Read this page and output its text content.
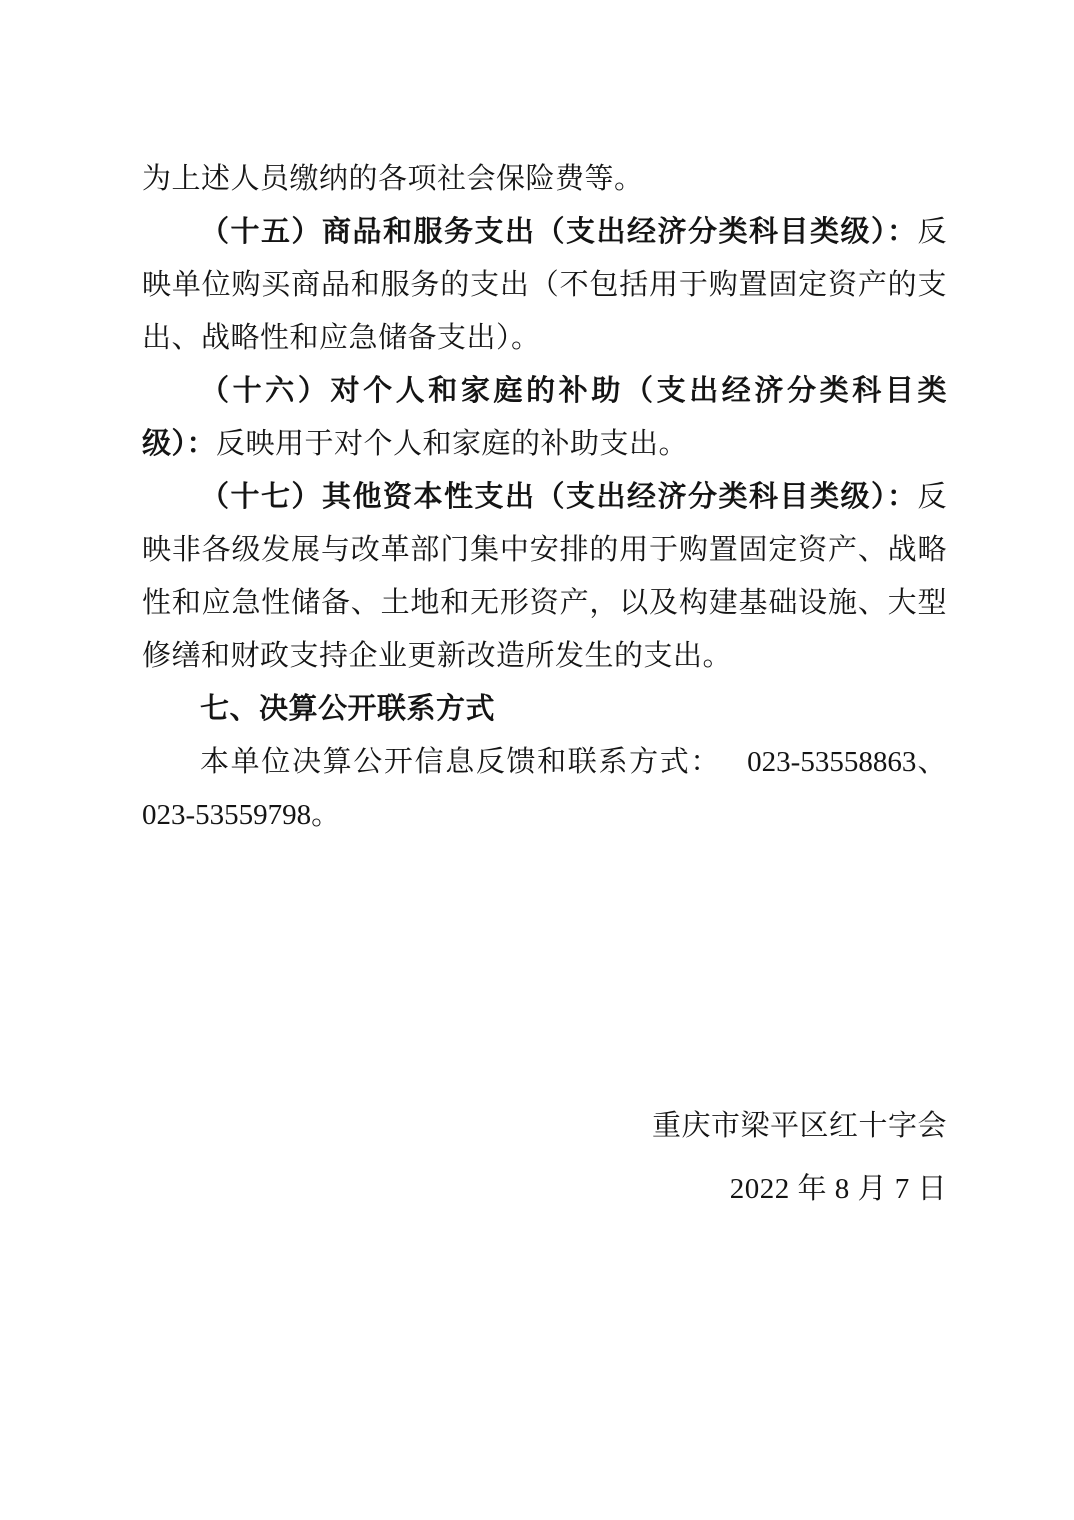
为上述人员缴纳的各项社会保险费等。

（十五）商品和服务支出（支出经济分类科目类级）：反映单位购买商品和服务的支出（不包括用于购置固定资产的支出、战略性和应急储备支出）。

（十六）对个人和家庭的补助（支出经济分类科目类级）：反映用于对个人和家庭的补助支出。

（十七）其他资本性支出（支出经济分类科目类级）：反映非各级发展与改革部门集中安排的用于购置固定资产、战略性和应急性储备、土地和无形资产，以及构建基础设施、大型修缮和财政支持企业更新改造所发生的支出。

七、决算公开联系方式

本单位决算公开信息反馈和联系方式： 023-53558863、023-53559798。

重庆市梁平区红十字会

2022 年 8 月 7 日
